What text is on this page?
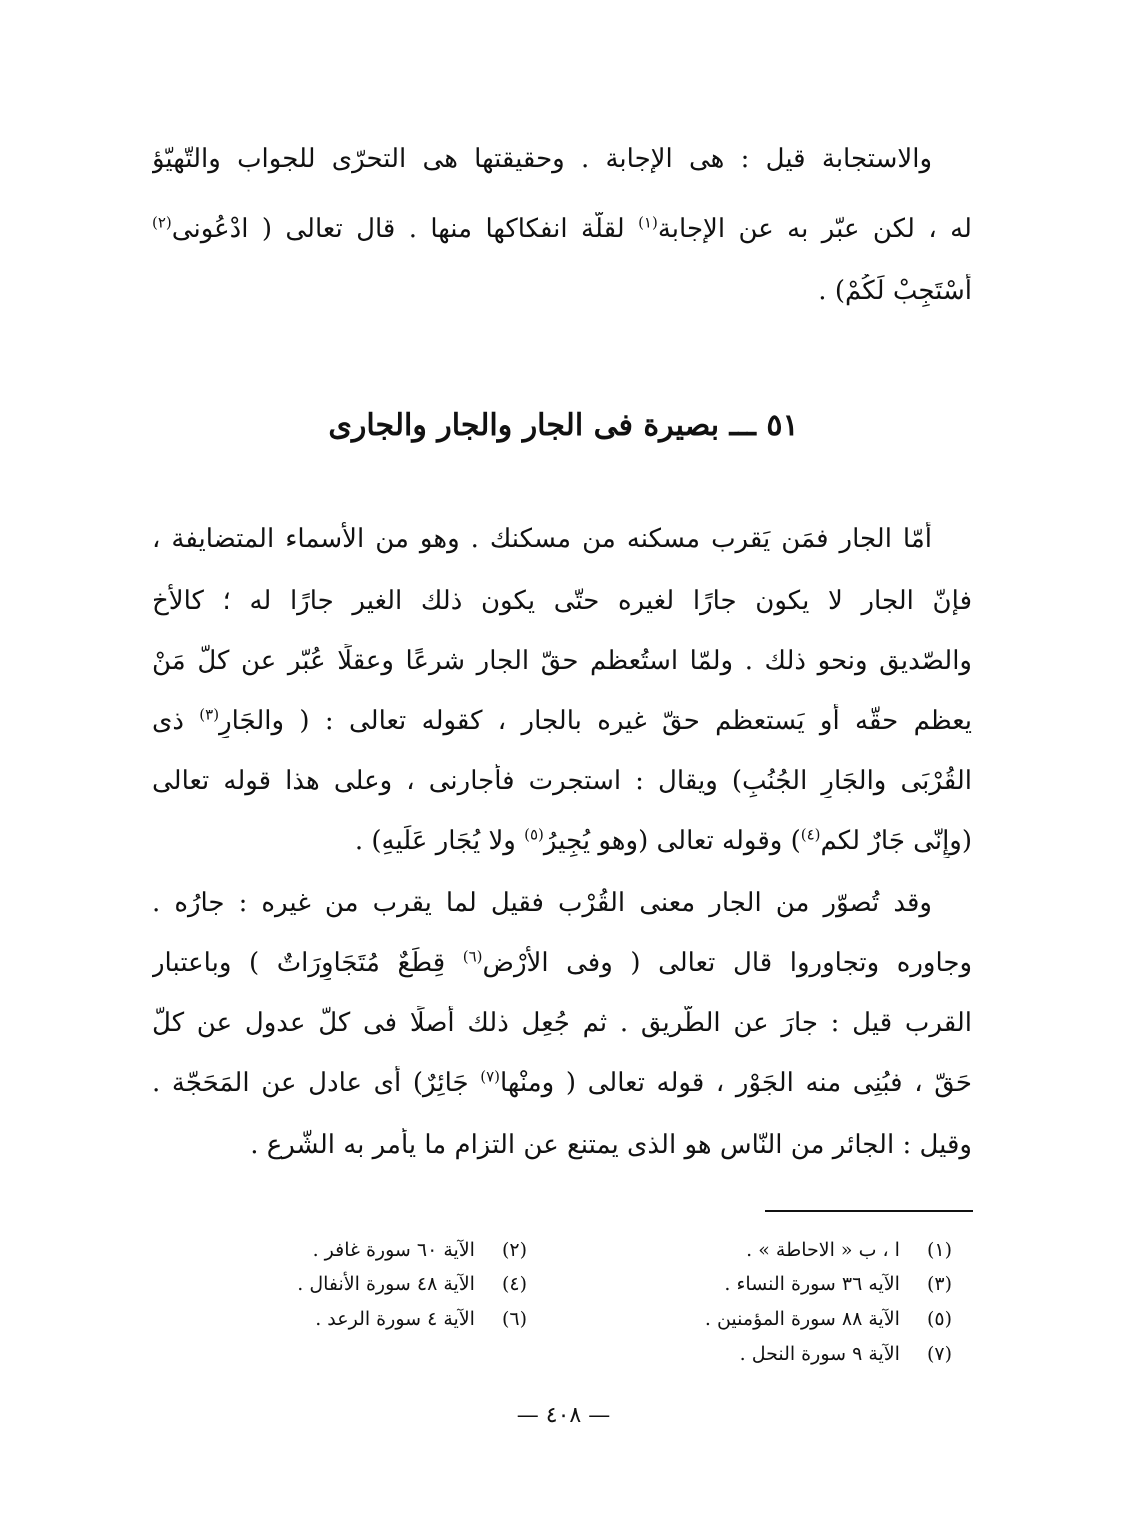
والاستجابة قيل : هى الإجابة . وحقيقتها هى التحرّى للجواب والتّهيّؤ
له ، لكن عبّر به عن الإجابة$^{(١)}$ لقلّة انفكاكها منها . قال تعالى ( ادْعُونى$^{(٢)}$
أَسْتَجِبْ لَكُمْ) .
٥١ ـــ بصيرة فى الجار والجار والجارى
أمّا الجار فمَن يَقرب مسكنه من مسكنك . وهو من الأَسماء المتضايفة ،
فإنّ الجار لا يكون جارًا لغيره حتّى يكون ذلك الغير جارًا له ؛ كالأَخ
والصّديق ونحو ذلك . ولمّا استُعظم حقّ الجار شرعًا وعقلًا عُبّر عن كلّ مَنْ
يعظم حقّه أو يَستعظم حقّ غيره بالجار ، كقوله تعالى : ( والجَارِ$^{(٣)}$ ذى
القُرْبَى والجَارِ الجُنُبِ) ويقال : استجرت فأَجارنى ، وعلى هذا قوله تعالى
(وإِنّى جَارٌ لكم$^{(٤)}$) وقوله تعالى (وهو يُجِيرُ$^{(٥)}$ ولا يُجَار عَلَيهِ) .
وقد تُصوّر من الجار معنى القُرْب فقيل لما يقرب من غيره : جارُه .
وجاوره وتجاوروا قال تعالى ( وفى الأَرْضِ$^{(٦)}$ قِطَعٌ مُتَجَاوِرَاتٌ ) وباعتبار
القرب قيل : جارَ عن الطّريق . ثم جُعِل ذلك أَصلًا فى كلّ عدول عن كلّ
حَقّ ، فبُنِى منه الجَوْر ، قوله تعالى ( ومنْها$^{(٧)}$ جَائِرٌ) أَى عادل عن المَحَجّة .
وقيل : الجائر من النّاس هو الذى يمتنع عن التزام ما يأمر به الشّرع .
(١) ا ، ب « الاحاطة » .
(٣) الآيه ٣٦ سورة النساء .
(٥) الآية ٨٨ سورة المؤمنين .
(٧) الآية ٩ سورة النحل .
(٢) الآية ٦٠ سورة غافر .
(٤) الآية ٤٨ سورة الأنفال .
(٦) الآية ٤ سورة الرعد .
— ٤٠٨ —
